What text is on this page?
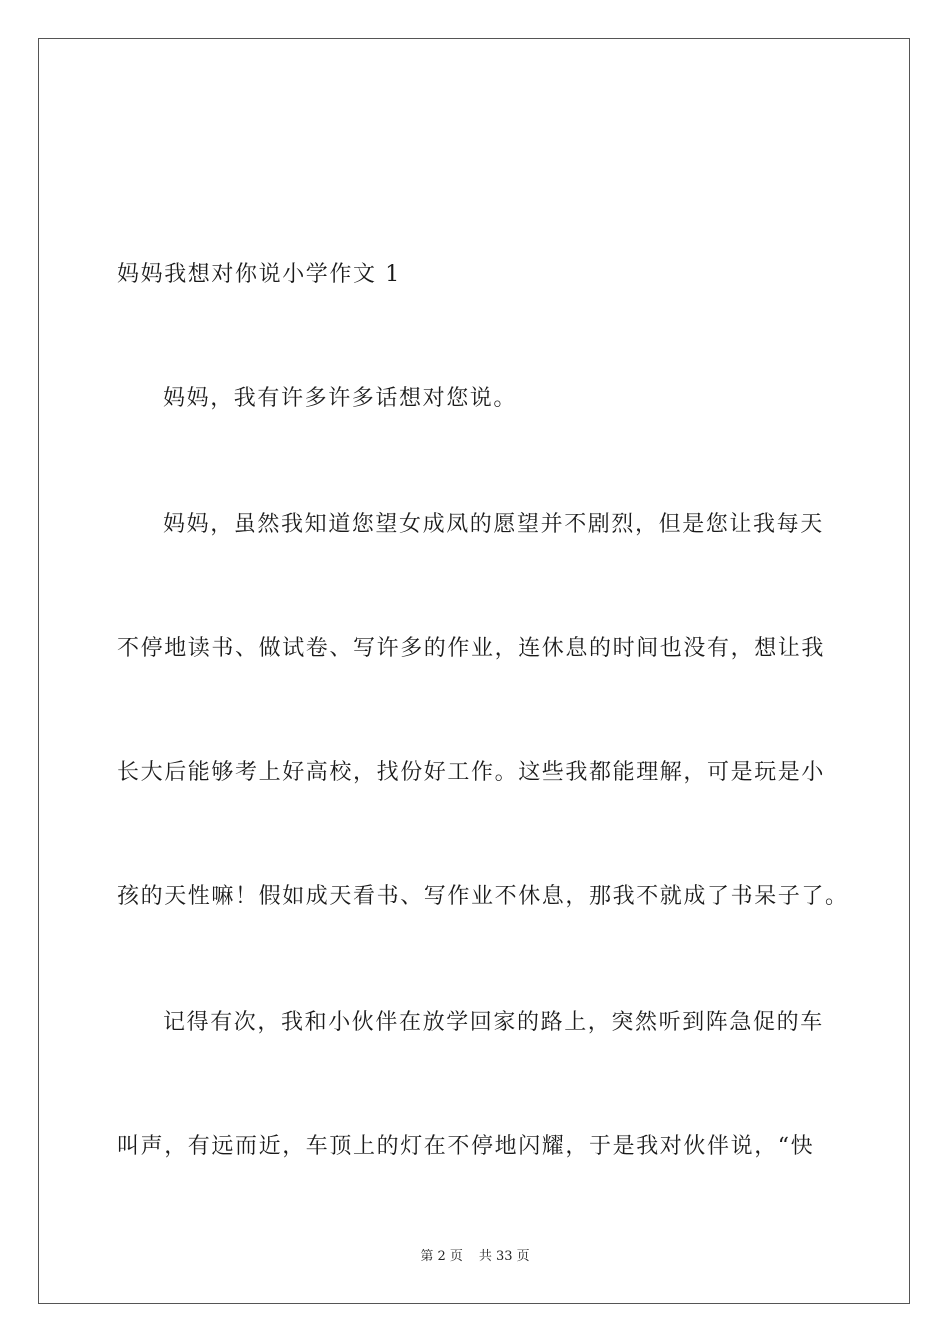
妈妈我想对你说小学作文 1
妈妈，我有许多许多话想对您说。
妈妈，虽然我知道您望女成凤的愿望并不剧烈，但是您让我每天
不停地读书、做试卷、写许多的作业，连休息的时间也没有，想让我
长大后能够考上好高校，找份好工作。这些我都能理解，可是玩是小
孩的天性嘛！假如成天看书、写作业不休息，那我不就成了书呆子了。
记得有次，我和小伙伴在放学回家的路上，突然听到阵急促的车
叫声，有远而近，车顶上的灯在不停地闪耀，于是我对伙伴说，“快
第 2 页 共 33 页
